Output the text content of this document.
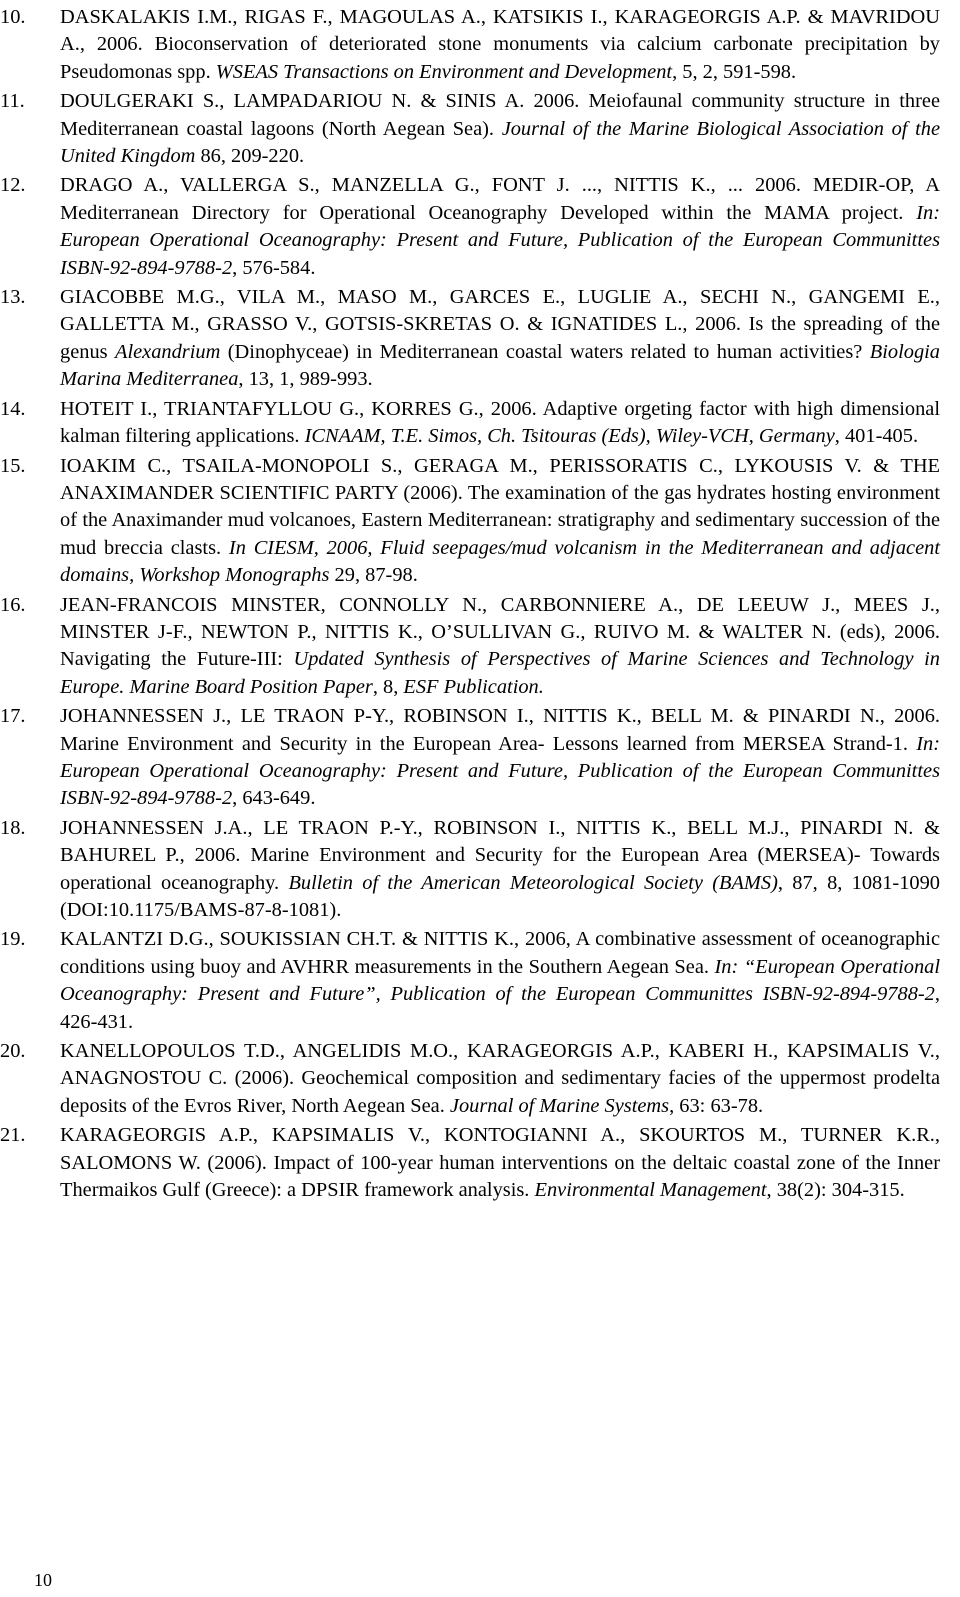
10.	DASKALAKIS I.M., RIGAS F., MAGOULAS A., KATSIKIS I., KARAGEORGIS A.P. & MAVRIDOU A., 2006. Bioconservation of deteriorated stone monuments via calcium carbonate precipitation by Pseudomonas spp. WSEAS Transactions on Environment and Development, 5, 2, 591-598.
11.	DOULGERAKI S., LAMPADARIOU N. & SINIS A. 2006. Meiofaunal community structure in three Mediterranean coastal lagoons (North Aegean Sea). Journal of the Marine Biological Association of the United Kingdom 86, 209-220.
12.	DRAGO A., VALLERGA S., MANZELLA G., FONT J. ..., NITTIS K., ... 2006. MEDIR-OP, A Mediterranean Directory for Operational Oceanography Developed within the MAMA project. In: European Operational Oceanography: Present and Future, Publication of the European Communittes ISBN-92-894-9788-2, 576-584.
13.	GIACOBBE M.G., VILA M., MASO M., GARCES E., LUGLIE A., SECHI N., GANGEMI E., GALLETTA M., GRASSO V., GOTSIS-SKRETAS O. & IGNATIDES L., 2006. Is the spreading of the genus Alexandrium (Dinophyceae) in Mediterranean coastal waters related to human activities? Biologia Marina Mediterranea, 13, 1, 989-993.
14.	HOTEIT I., TRIANTAFYLLOU G., KORRES G., 2006. Adaptive orgeting factor with high dimensional kalman filtering applications. ICNAAM, T.E. Simos, Ch. Tsitouras (Eds), Wiley-VCH, Germany, 401-405.
15.	IOAKIM C., TSAILA-MONOPOLI S., GERAGA M., PERISSORATIS C., LYKOUSIS V. & THE ANAXIMANDER SCIENTIFIC PARTY (2006). The examination of the gas hydrates hosting environment of the Anaximander mud volcanoes, Eastern Mediterranean: stratigraphy and sedimentary succession of the mud breccia clasts. In CIESM, 2006, Fluid seepages/mud volcanism in the Mediterranean and adjacent domains, Workshop Monographs 29, 87-98.
16.	JEAN-FRANCOIS MINSTER, CONNOLLY N., CARBONNIERE A., DE LEEUW J., MEES J., MINSTER J-F., NEWTON P., NITTIS K., O’SULLIVAN G., RUIVO M. & WALTER N. (eds), 2006. Navigating the Future-III: Updated Synthesis of Perspectives of Marine Sciences and Technology in Europe. Marine Board Position Paper, 8, ESF Publication.
17.	JOHANNESSEN J., LE TRAON P-Y., ROBINSON I., NITTIS K., BELL M. & PINARDI N., 2006. Marine Environment and Security in the European Area- Lessons learned from MERSEA Strand-1. In: European Operational Oceanography: Present and Future, Publication of the European Communittes ISBN-92-894-9788-2, 643-649.
18.	JOHANNESSEN J.A., LE TRAON P.-Y., ROBINSON I., NITTIS K., BELL M.J., PINARDI N. & BAHUREL P., 2006. Marine Environment and Security for the European Area (MERSEA)- Towards operational oceanography. Bulletin of the American Meteorological Society (BAMS), 87, 8, 1081-1090 (DOI:10.1175/BAMS-87-8-1081).
19.	KALANTZI D.G., SOUKISSIAN CH.T. & NITTIS K., 2006, A combinative assessment of oceanographic conditions using buoy and AVHRR measurements in the Southern Aegean Sea. In: “European Operational Oceanography: Present and Future”, Publication of the European Communittes ISBN-92-894-9788-2, 426-431.
20.	KANELLOPOULOS T.D., ANGELIDIS M.O., KARAGEORGIS A.P., KABERI H., KAPSIMALIS V., ANAGNOSTOU C. (2006). Geochemical composition and sedimentary facies of the uppermost prodelta deposits of the Evros River, North Aegean Sea. Journal of Marine Systems, 63: 63-78.
21.	KARAGEORGIS A.P., KAPSIMALIS V., KONTOGIANNI A., SKOURTOS M., TURNER K.R., SALOMONS W. (2006). Impact of 100-year human interventions on the deltaic coastal zone of the Inner Thermaikos Gulf (Greece): a DPSIR framework analysis. Environmental Management, 38(2): 304-315.
10
